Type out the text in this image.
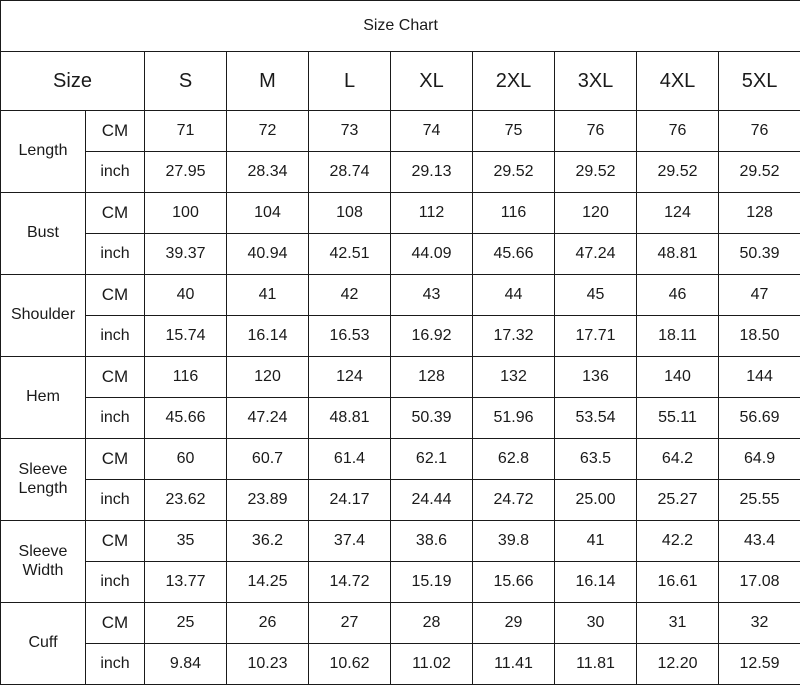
Size Chart									
Size		S	M	L	XL	2XL	3XL	4XL	5XL
Length	CM	71	72	73	74	75	76	76	76
	inch	27.95	28.34	28.74	29.13	29.52	29.52	29.52	29.52
Bust	CM	100	104	108	112	116	120	124	128
	inch	39.37	40.94	42.51	44.09	45.66	47.24	48.81	50.39
Shoulder	CM	40	41	42	43	44	45	46	47
	inch	15.74	16.14	16.53	16.92	17.32	17.71	18.11	18.50
Hem	CM	116	120	124	128	132	136	140	144
	inch	45.66	47.24	48.81	50.39	51.96	53.54	55.11	56.69
Sleeve Length	CM	60	60.7	61.4	62.1	62.8	63.5	64.2	64.9
	inch	23.62	23.89	24.17	24.44	24.72	25.00	25.27	25.55
Sleeve Width	CM	35	36.2	37.4	38.6	39.8	41	42.2	43.4
	inch	13.77	14.25	14.72	15.19	15.66	16.14	16.61	17.08
Cuff	CM	25	26	27	28	29	30	31	32
	inch	9.84	10.23	10.62	11.02	11.41	11.81	12.20	12.59
